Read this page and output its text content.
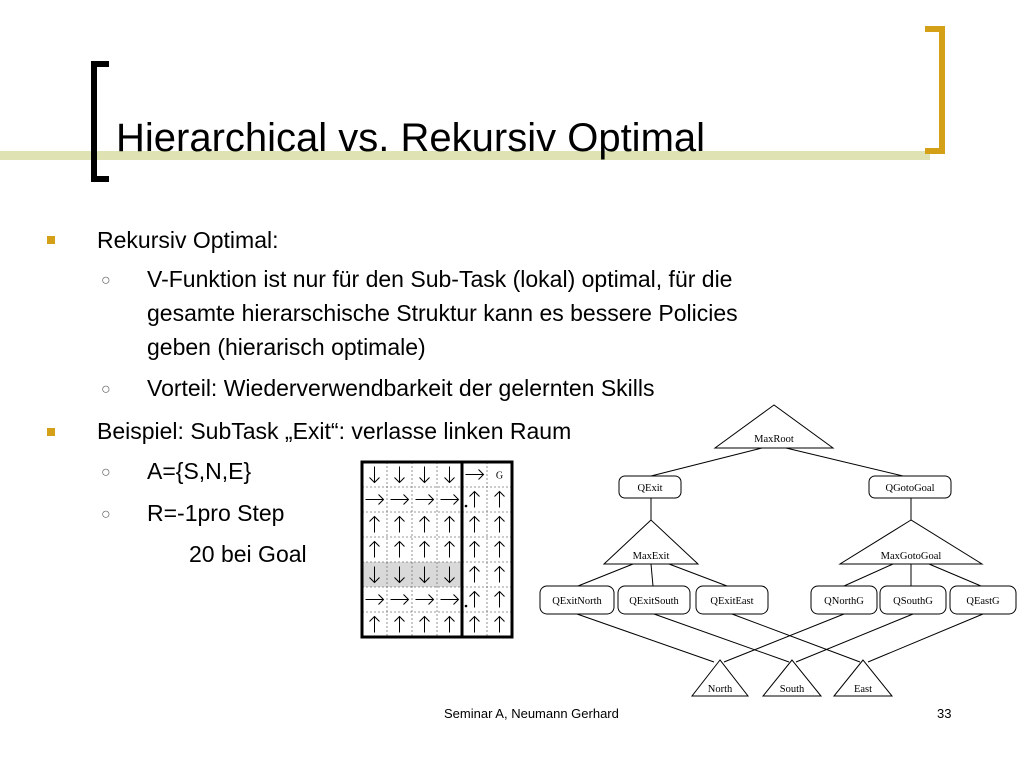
Hierarchical vs. Rekursiv Optimal
Rekursiv Optimal:
○ V-Funktion ist nur für den Sub-Task (lokal) optimal, für die
gesamte hierarschische Struktur kann es bessere Policies
geben (hierarisch optimale)
○ Vorteil: Wiederverwendbarkeit der gelernten Skills
Beispiel: SubTask „Exit“: verlasse linken Raum
○ A={S,N,E}
○ R=-1pro Step
20 bei Goal
G
MaxRoot
QExit	QGotoGoal
MaxExit	MaxGotoGoal
QExitNorth	QExitSouth	QExitEast	QNorthG	QSouthG	QEastG
North	South	East
Seminar A, Neumann Gerhard	33
